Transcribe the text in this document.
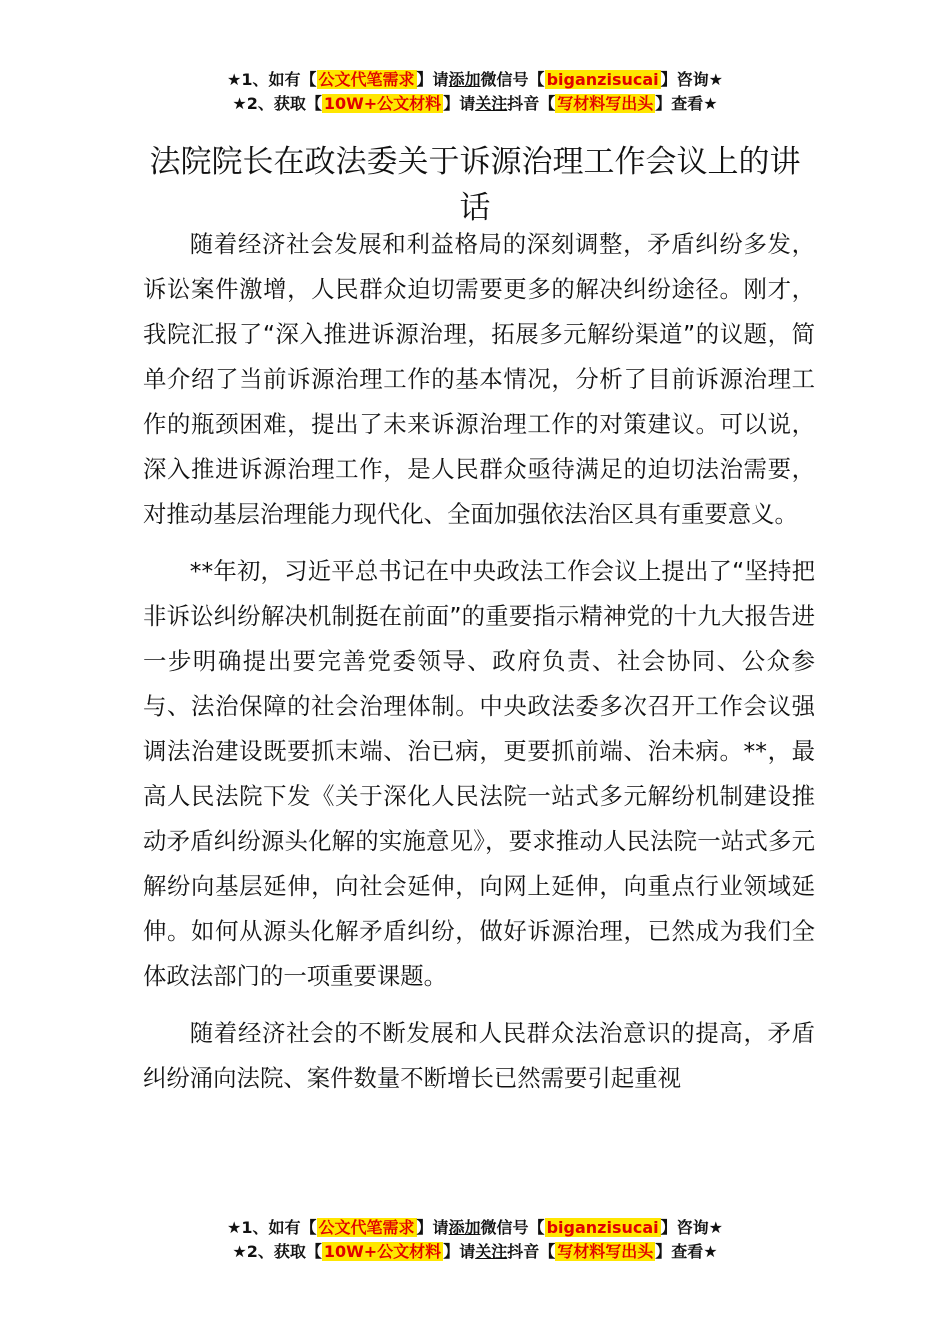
★1、如有【 公文代笔需求 】请添加微信号【 biganzisucai 】咨询★
★2、获取【 10W+公文材料 】请关注抖音【 写材料写出头 】查看★
法院院长在政法委关于诉源治理工作会议上的讲话

随着经济社会发展和利益格局的深刻调整，矛盾纠纷多发，诉讼案件激增，人民群众迫切需要更多的解决纠纷途径。刚才，我院汇报了“深入推进诉源治理，拓展多元解纷渠道”的议题，简单介绍了当前诉源治理工作的基本情况，分析了目前诉源治理工作的瓶颈困难，提出了未来诉源治理工作的对策建议。可以说，深入推进诉源治理工作，是人民群众亟待满足的迫切法治需要，对推动基层治理能力现代化、全面加强依法治区具有重要意义。

**年初，习近平总书记在中央政法工作会议上提出了“坚持把非诉讼纠纷解决机制挺在前面”的重要指示精神党的十九大报告进一步明确提出要完善党委领导、政府负责、社会协同、公众参与、法治保障的社会治理体制。中央政法委多次召开工作会议强调法治建设既要抓末端、治已病，更要抓前端、治未病。**，最高人民法院下发《关于深化人民法院一站式多元解纷机制建设推动矛盾纠纷源头化解的实施意见》，要求推动人民法院一站式多元解纷向基层延伸，向社会延伸，向网上延伸，向重点行业领域延伸。如何从源头化解矛盾纠纷，做好诉源治理，已然成为我们全体政法部门的一项重要课题。

随着经济社会的不断发展和人民群众法治意识的提高，矛盾纠纷涌向法院、案件数量不断增长已然需要引起重视

★1、如有【 公文代笔需求 】请添加微信号【 biganzisucai 】咨询★
★2、获取【 10W+公文材料 】请关注抖音【 写材料写出头 】查看★
